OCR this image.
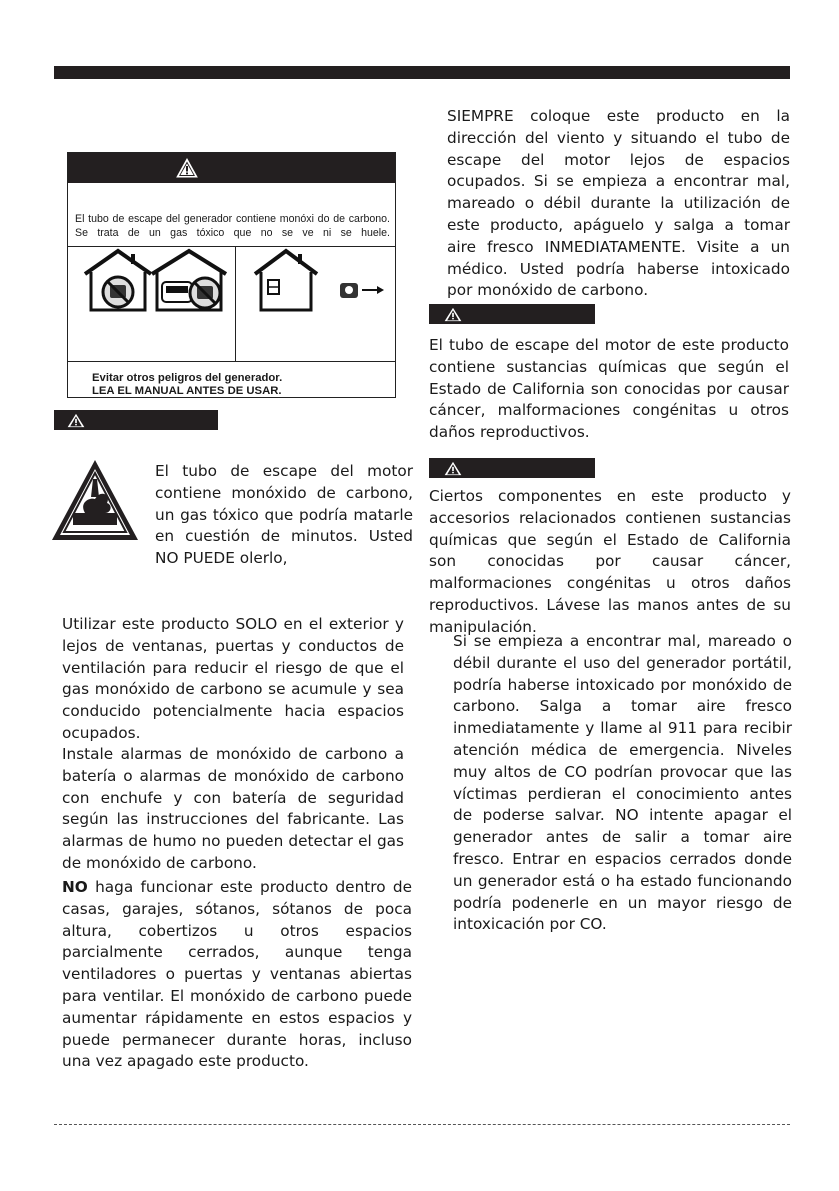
El tubo de escape del generador contiene monóxi do de carbono. Se trata de un gas tóxico que no se ve ni se huele.
Evitar otros peligros del generador.
LEA EL MANUAL ANTES DE USAR.

El tubo de escape del motor contiene monóxido de carbono, un gas tóxico que podría matarle en cuestión de minutos. Usted NO PUEDE olerlo,

Utilizar este producto SOLO en el exterior y lejos de ventanas, puertas y conductos de ventilación para reducir el riesgo de que el gas monóxido de carbono se acumule y sea conducido potencialmente hacia espacios ocupados.

Instale alarmas de monóxido de carbono a batería o alarmas de monóxido de carbono con enchufe y con batería de seguridad según las instrucciones del fabricante. Las alarmas de humo no pueden detectar el gas de monóxido de carbono.

NO haga funcionar este producto dentro de casas, garajes, sótanos, sótanos de poca altura, cobertizos u otros espacios parcialmente cerrados, aunque tenga ventiladores o puertas y ventanas abiertas para ventilar. El monóxido de carbono puede aumentar rápidamente en estos espacios y puede permanecer durante horas, incluso una vez apagado este producto.

SIEMPRE coloque este producto en la dirección del viento y situando el tubo de escape del motor lejos de espacios ocupados. Si se empieza a encontrar mal, mareado o débil durante la utilización de este producto, apáguelo y salga a tomar aire fresco INMEDIATAMENTE. Visite a un médico. Usted podría haberse intoxicado por monóxido de carbono.

El tubo de escape del motor de este producto contiene sustancias químicas que según el Estado de California son conocidas por causar cáncer, malformaciones congénitas u otros daños reproductivos.

Ciertos componentes en este producto y accesorios relacionados contienen sustancias químicas que según el Estado de California son conocidas por causar cáncer, malformaciones congénitas u otros daños reproductivos. Lávese las manos antes de su manipulación.

Si se empieza a encontrar mal, mareado o débil durante el uso del generador portátil, podría haberse intoxicado por monóxido de carbono. Salga a tomar aire fresco inmediatamente y llame al 911 para recibir atención médica de emergencia. Niveles muy altos de CO podrían provocar que las víctimas perdieran el conocimiento antes de poderse salvar. NO intente apagar el generador antes de salir a tomar aire fresco. Entrar en espacios cerrados donde un generador está o ha estado funcionando podría podenerle en un mayor riesgo de intoxicación por CO.
